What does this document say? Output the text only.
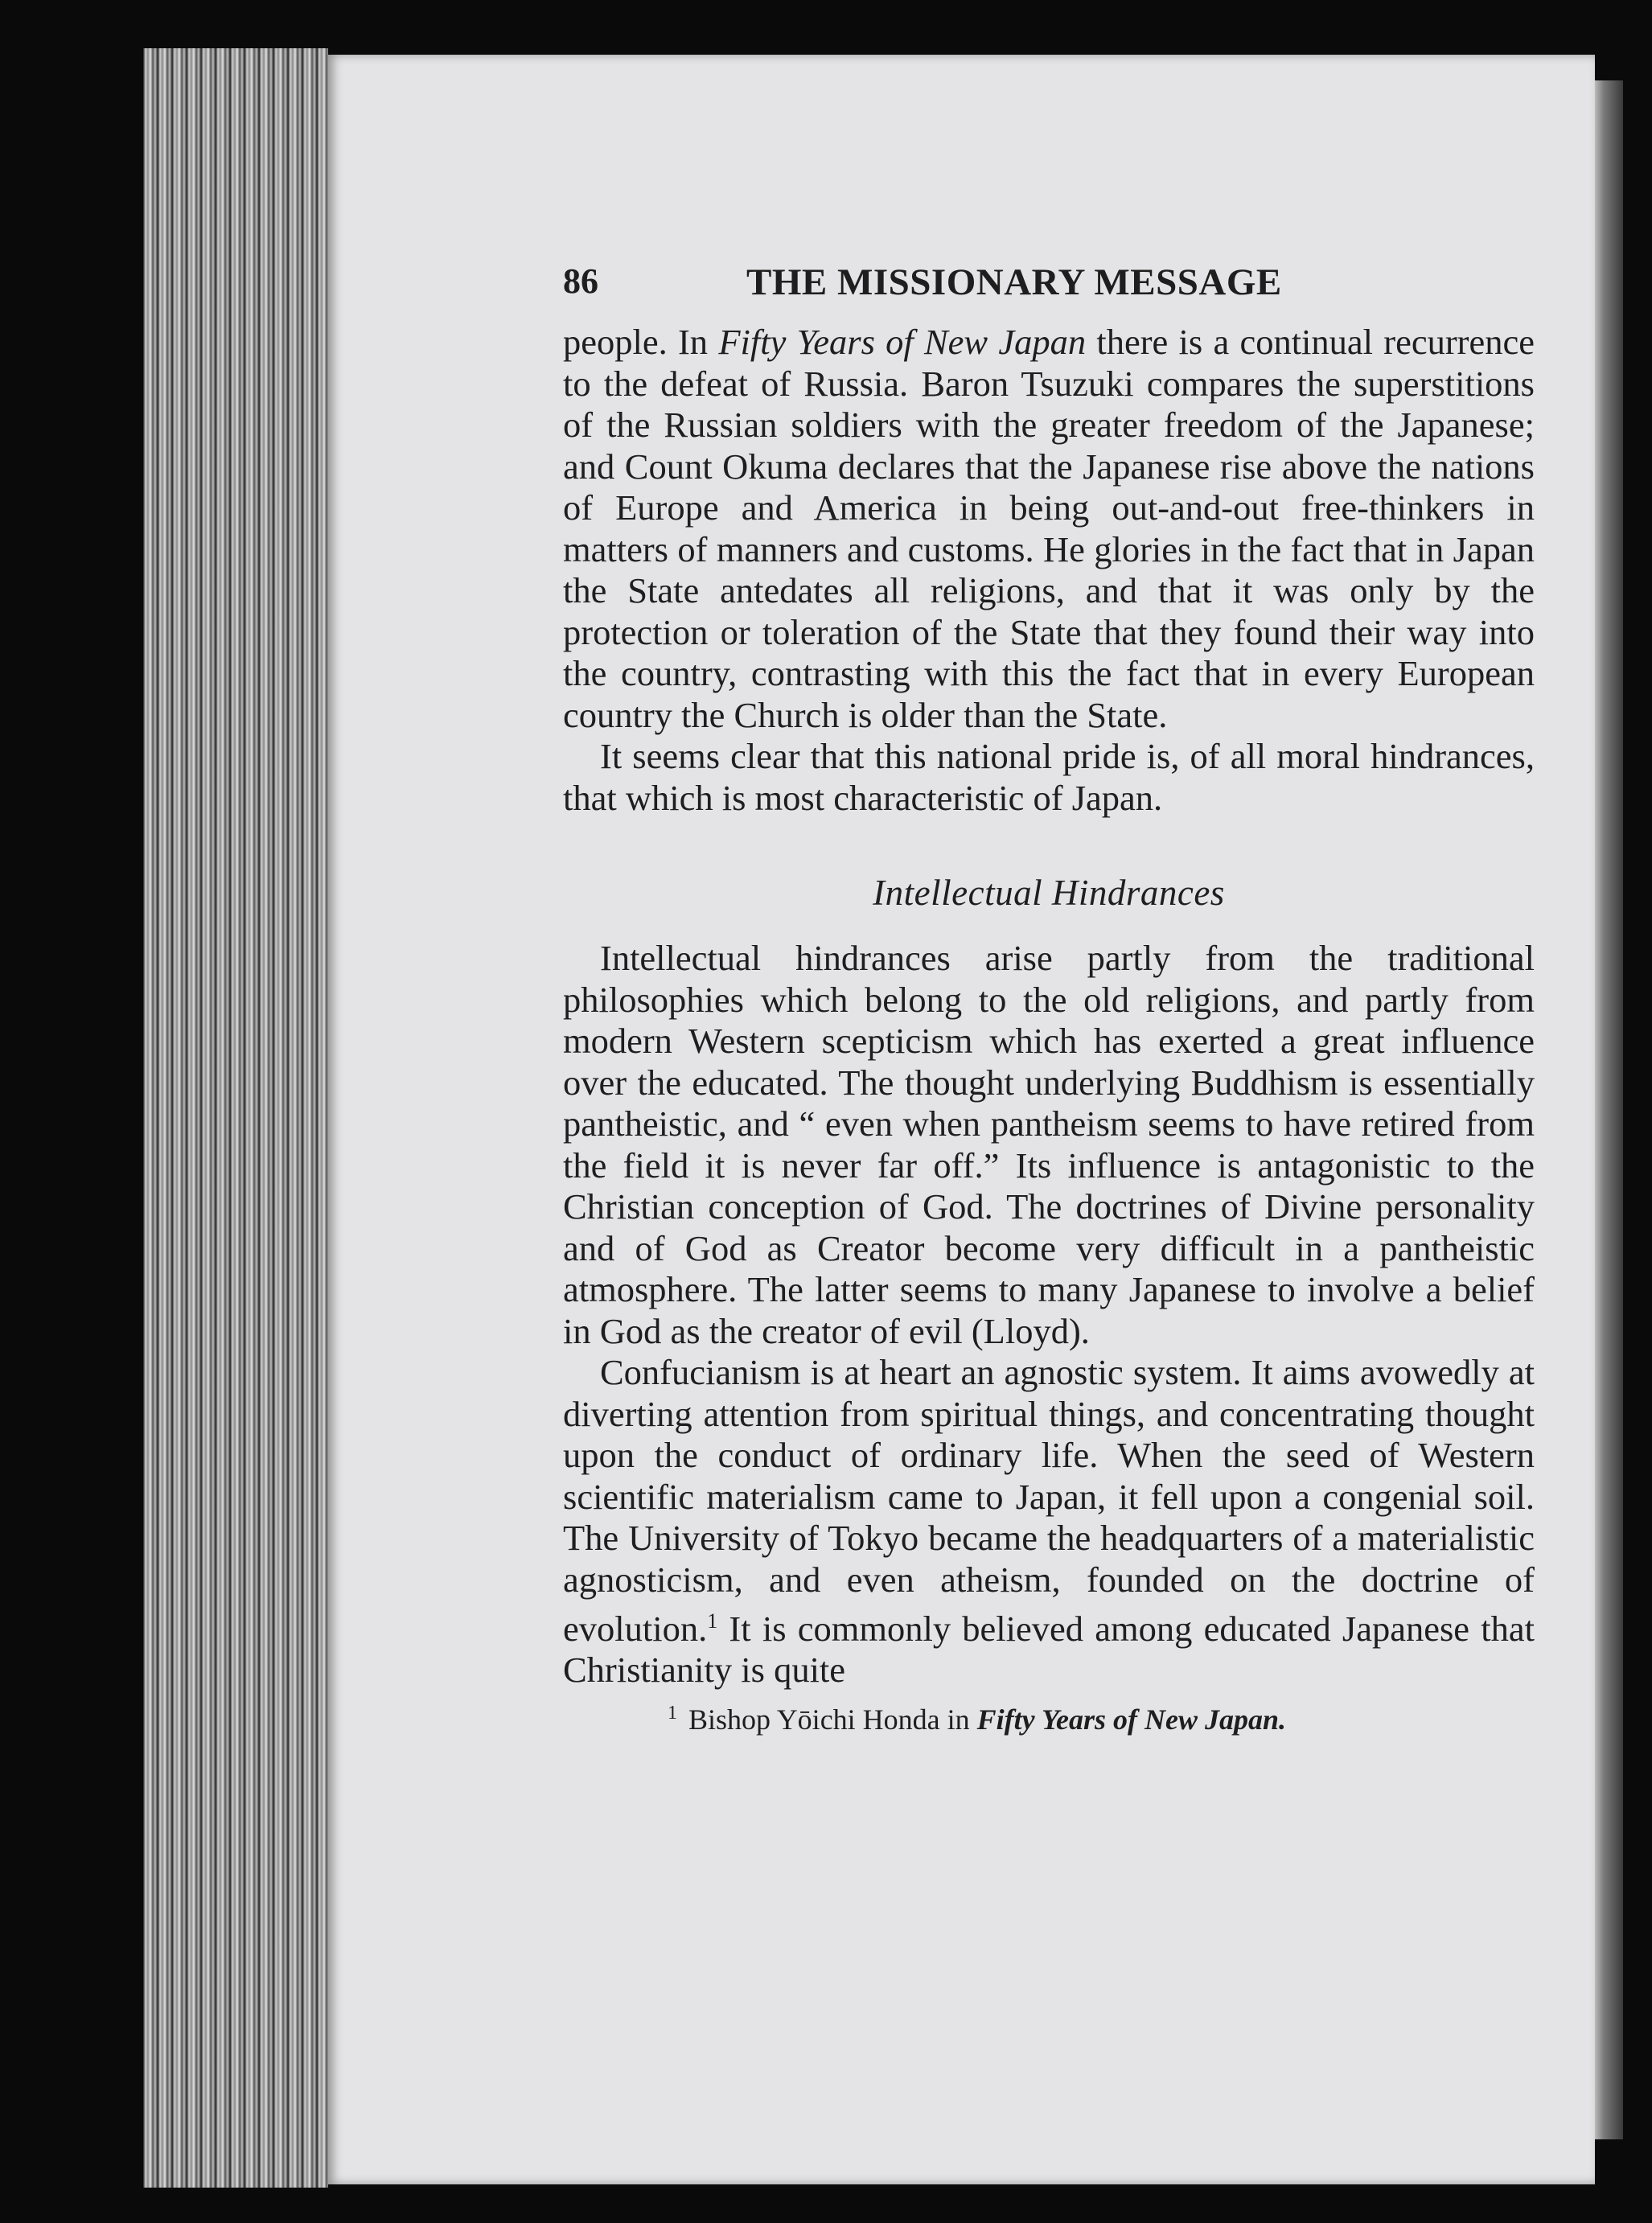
86	THE MISSIONARY MESSAGE

people. In Fifty Years of New Japan there is a continual recurrence to the defeat of Russia. Baron Tsuzuki compares the superstitions of the Russian soldiers with the greater freedom of the Japanese; and Count Okuma declares that the Japanese rise above the nations of Europe and America in being out-and-out free-thinkers in matters of manners and customs. He glories in the fact that in Japan the State antedates all religions, and that it was only by the protection or toleration of the State that they found their way into the country, contrasting with this the fact that in every European country the Church is older than the State.

It seems clear that this national pride is, of all moral hindrances, that which is most characteristic of Japan.

Intellectual Hindrances

Intellectual hindrances arise partly from the traditional philosophies which belong to the old religions, and partly from modern Western scepticism which has exerted a great influence over the educated. The thought underlying Buddhism is essentially pantheistic, and “ even when pantheism seems to have retired from the field it is never far off.” Its influence is antagonistic to the Christian conception of God. The doctrines of Divine personality and of God as Creator become very difficult in a pantheistic atmosphere. The latter seems to many Japanese to involve a belief in God as the creator of evil (Lloyd).

Confucianism is at heart an agnostic system. It aims avowedly at diverting attention from spiritual things, and concentrating thought upon the conduct of ordinary life. When the seed of Western scientific materialism came to Japan, it fell upon a congenial soil. The University of Tokyo became the headquarters of a materialistic agnosticism, and even atheism, founded on the doctrine of evolution.$^1$ It is commonly believed among educated Japanese that Christianity is quite

$^1$ Bishop Yōichi Honda in Fifty Years of New Japan.
